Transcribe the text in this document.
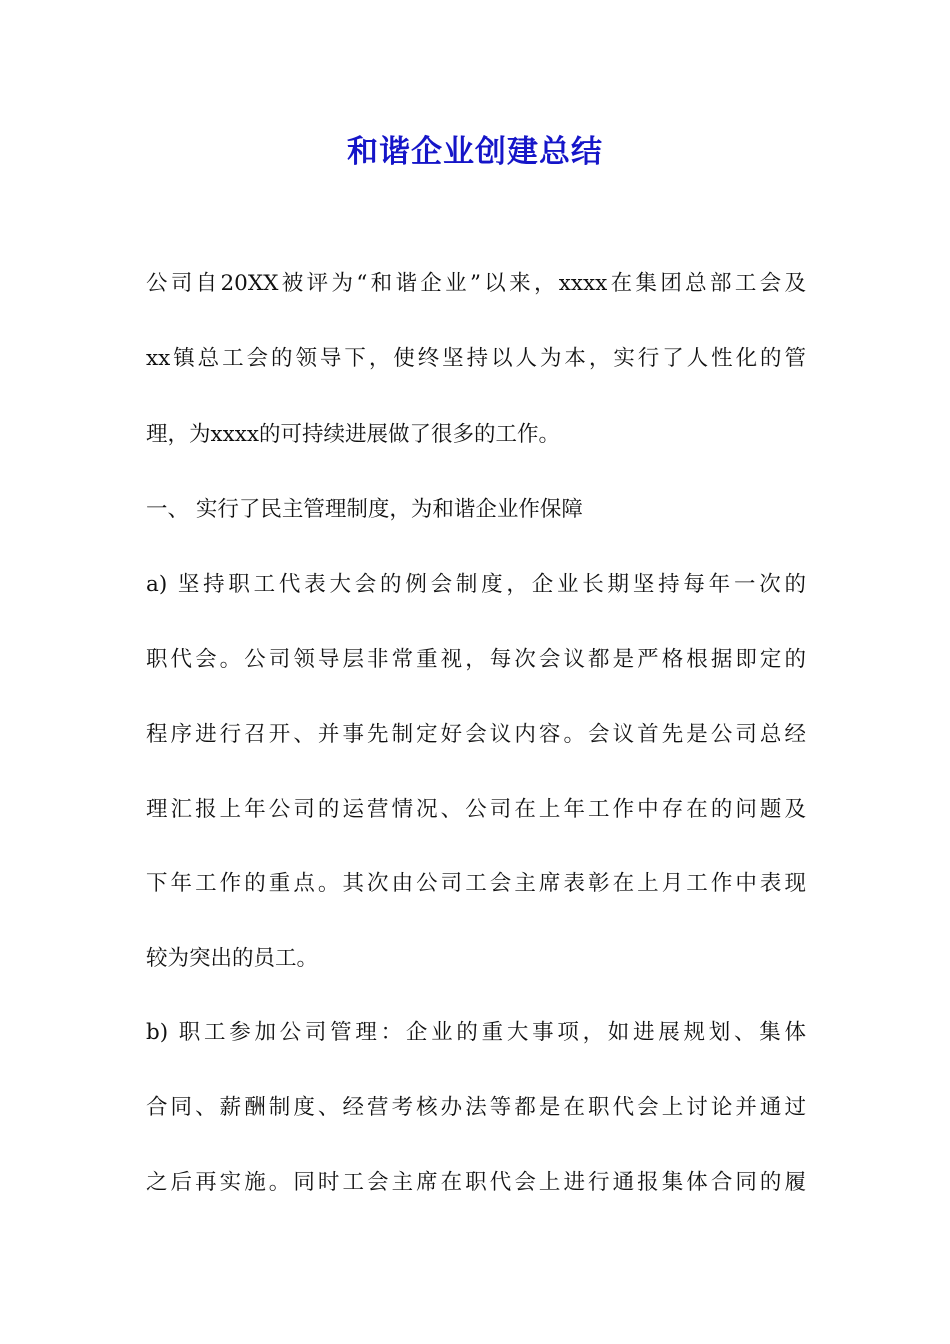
和谐企业创建总结
公司自20XX被评为“和谐企业”以来，xxxx在集团总部工会及
xx镇总工会的领导下，使终坚持以人为本，实行了人性化的管
理，为xxxx的可持续进展做了很多的工作。
一、 实行了民主管理制度，为和谐企业作保障
a) 坚持职工代表大会的例会制度，企业长期坚持每年一次的
职代会。公司领导层非常重视，每次会议都是严格根据即定的
程序进行召开、并事先制定好会议内容。会议首先是公司总经
理汇报上年公司的运营情况、公司在上年工作中存在的问题及
下年工作的重点。其次由公司工会主席表彰在上月工作中表现
较为突出的员工。
b) 职工参加公司管理：企业的重大事项，如进展规划、集体
合同、薪酬制度、经营考核办法等都是在职代会上讨论并通过
之后再实施。同时工会主席在职代会上进行通报集体合同的履
